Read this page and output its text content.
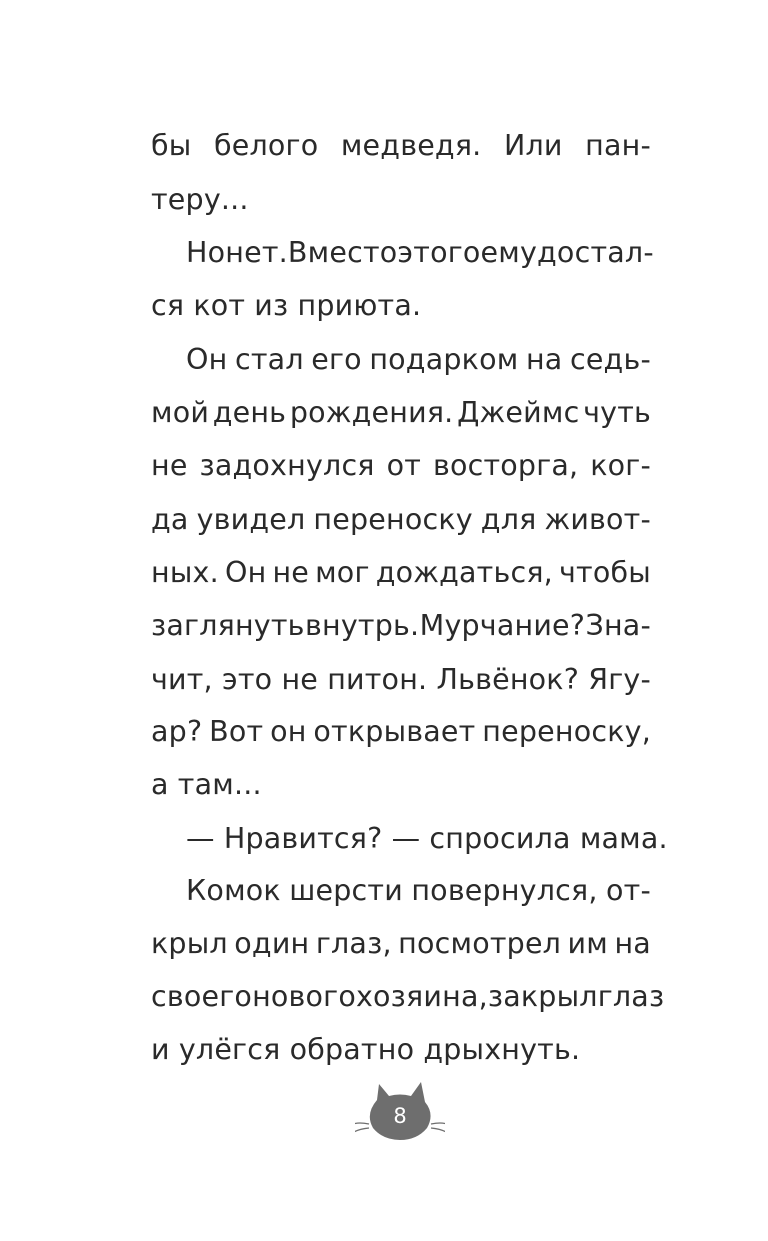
8
бы белого медведя. Или пан-
теру...
Но нет. Вместо этого ему достал-
ся кот из приюта.
Он стал его подарком на седь-
мой день рождения. Джеймс чуть
не задохнулся от восторга, ког-
да увидел переноску для живот-
ных. Он не мог дождаться, чтобы
заглянуть внутрь. Мурчание? Зна-
чит, это не питон. Львёнок? Ягу-
ар? Вот он открывает переноску,
а там...
— Нравится? — спросила мама.
Комок шерсти повернулся, от-
крыл один глаз, посмотрел им на
своего нового хозяина, закрыл глаз
и улёгся обратно дрыхнуть.
